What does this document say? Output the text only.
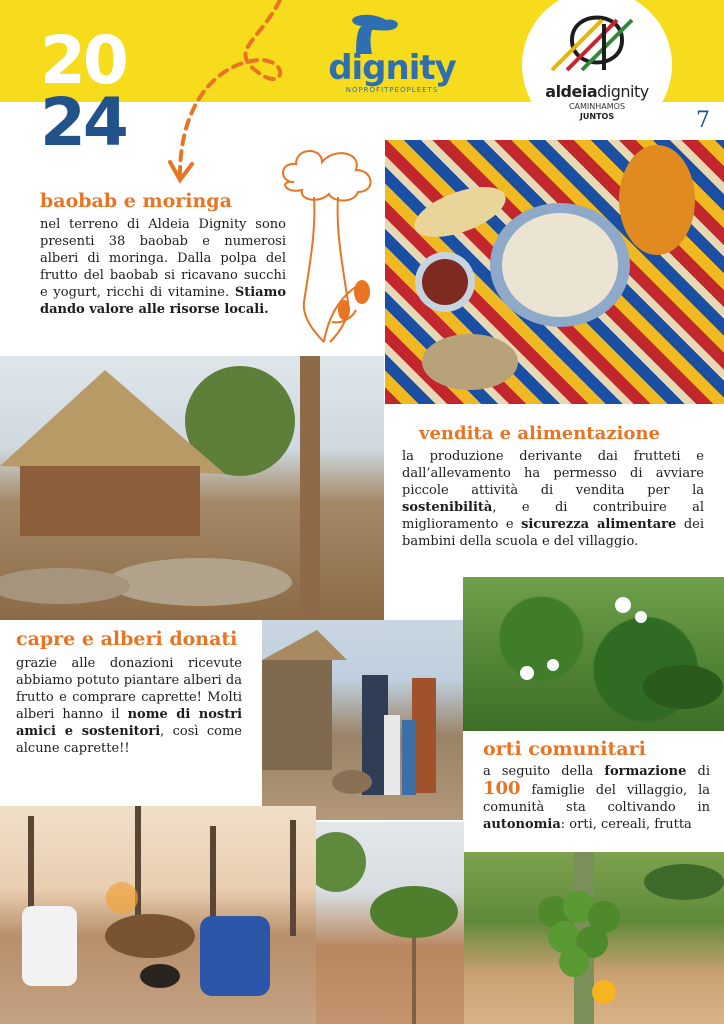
20
24
dignity
NOPROFITPEOPLEETS	aldeiadignity
CAMINHAMOS
JUNTOS	7
baobab e moringa

nel terreno di Aldeia Dignity sono presenti 38 baobab e numerosi alberi di moringa. Dalla polpa del frutto del baobab si ricavano succhi e yogurt, ricchi di vitamine. Stiamo dando valore alle risorse locali.

vendita e alimentazione

la produzione derivante dai frutteti e dall’allevamento ha permesso di avviare piccole attività di vendita per la sostenibilità, e di contribuire al miglioramento e sicurezza alimentare dei bambini della scuola e del villaggio.

capre e alberi donati

grazie alle donazioni ricevute abbiamo potuto piantare alberi da frutto e comprare caprette! Molti alberi hanno il nome di nostri amici e sostenitori, così come alcune caprette!!	orti comunitari

a seguito della formazione di 100 famiglie del villaggio, la comunità sta coltivando in autonomia: orti, cereali, frutta
